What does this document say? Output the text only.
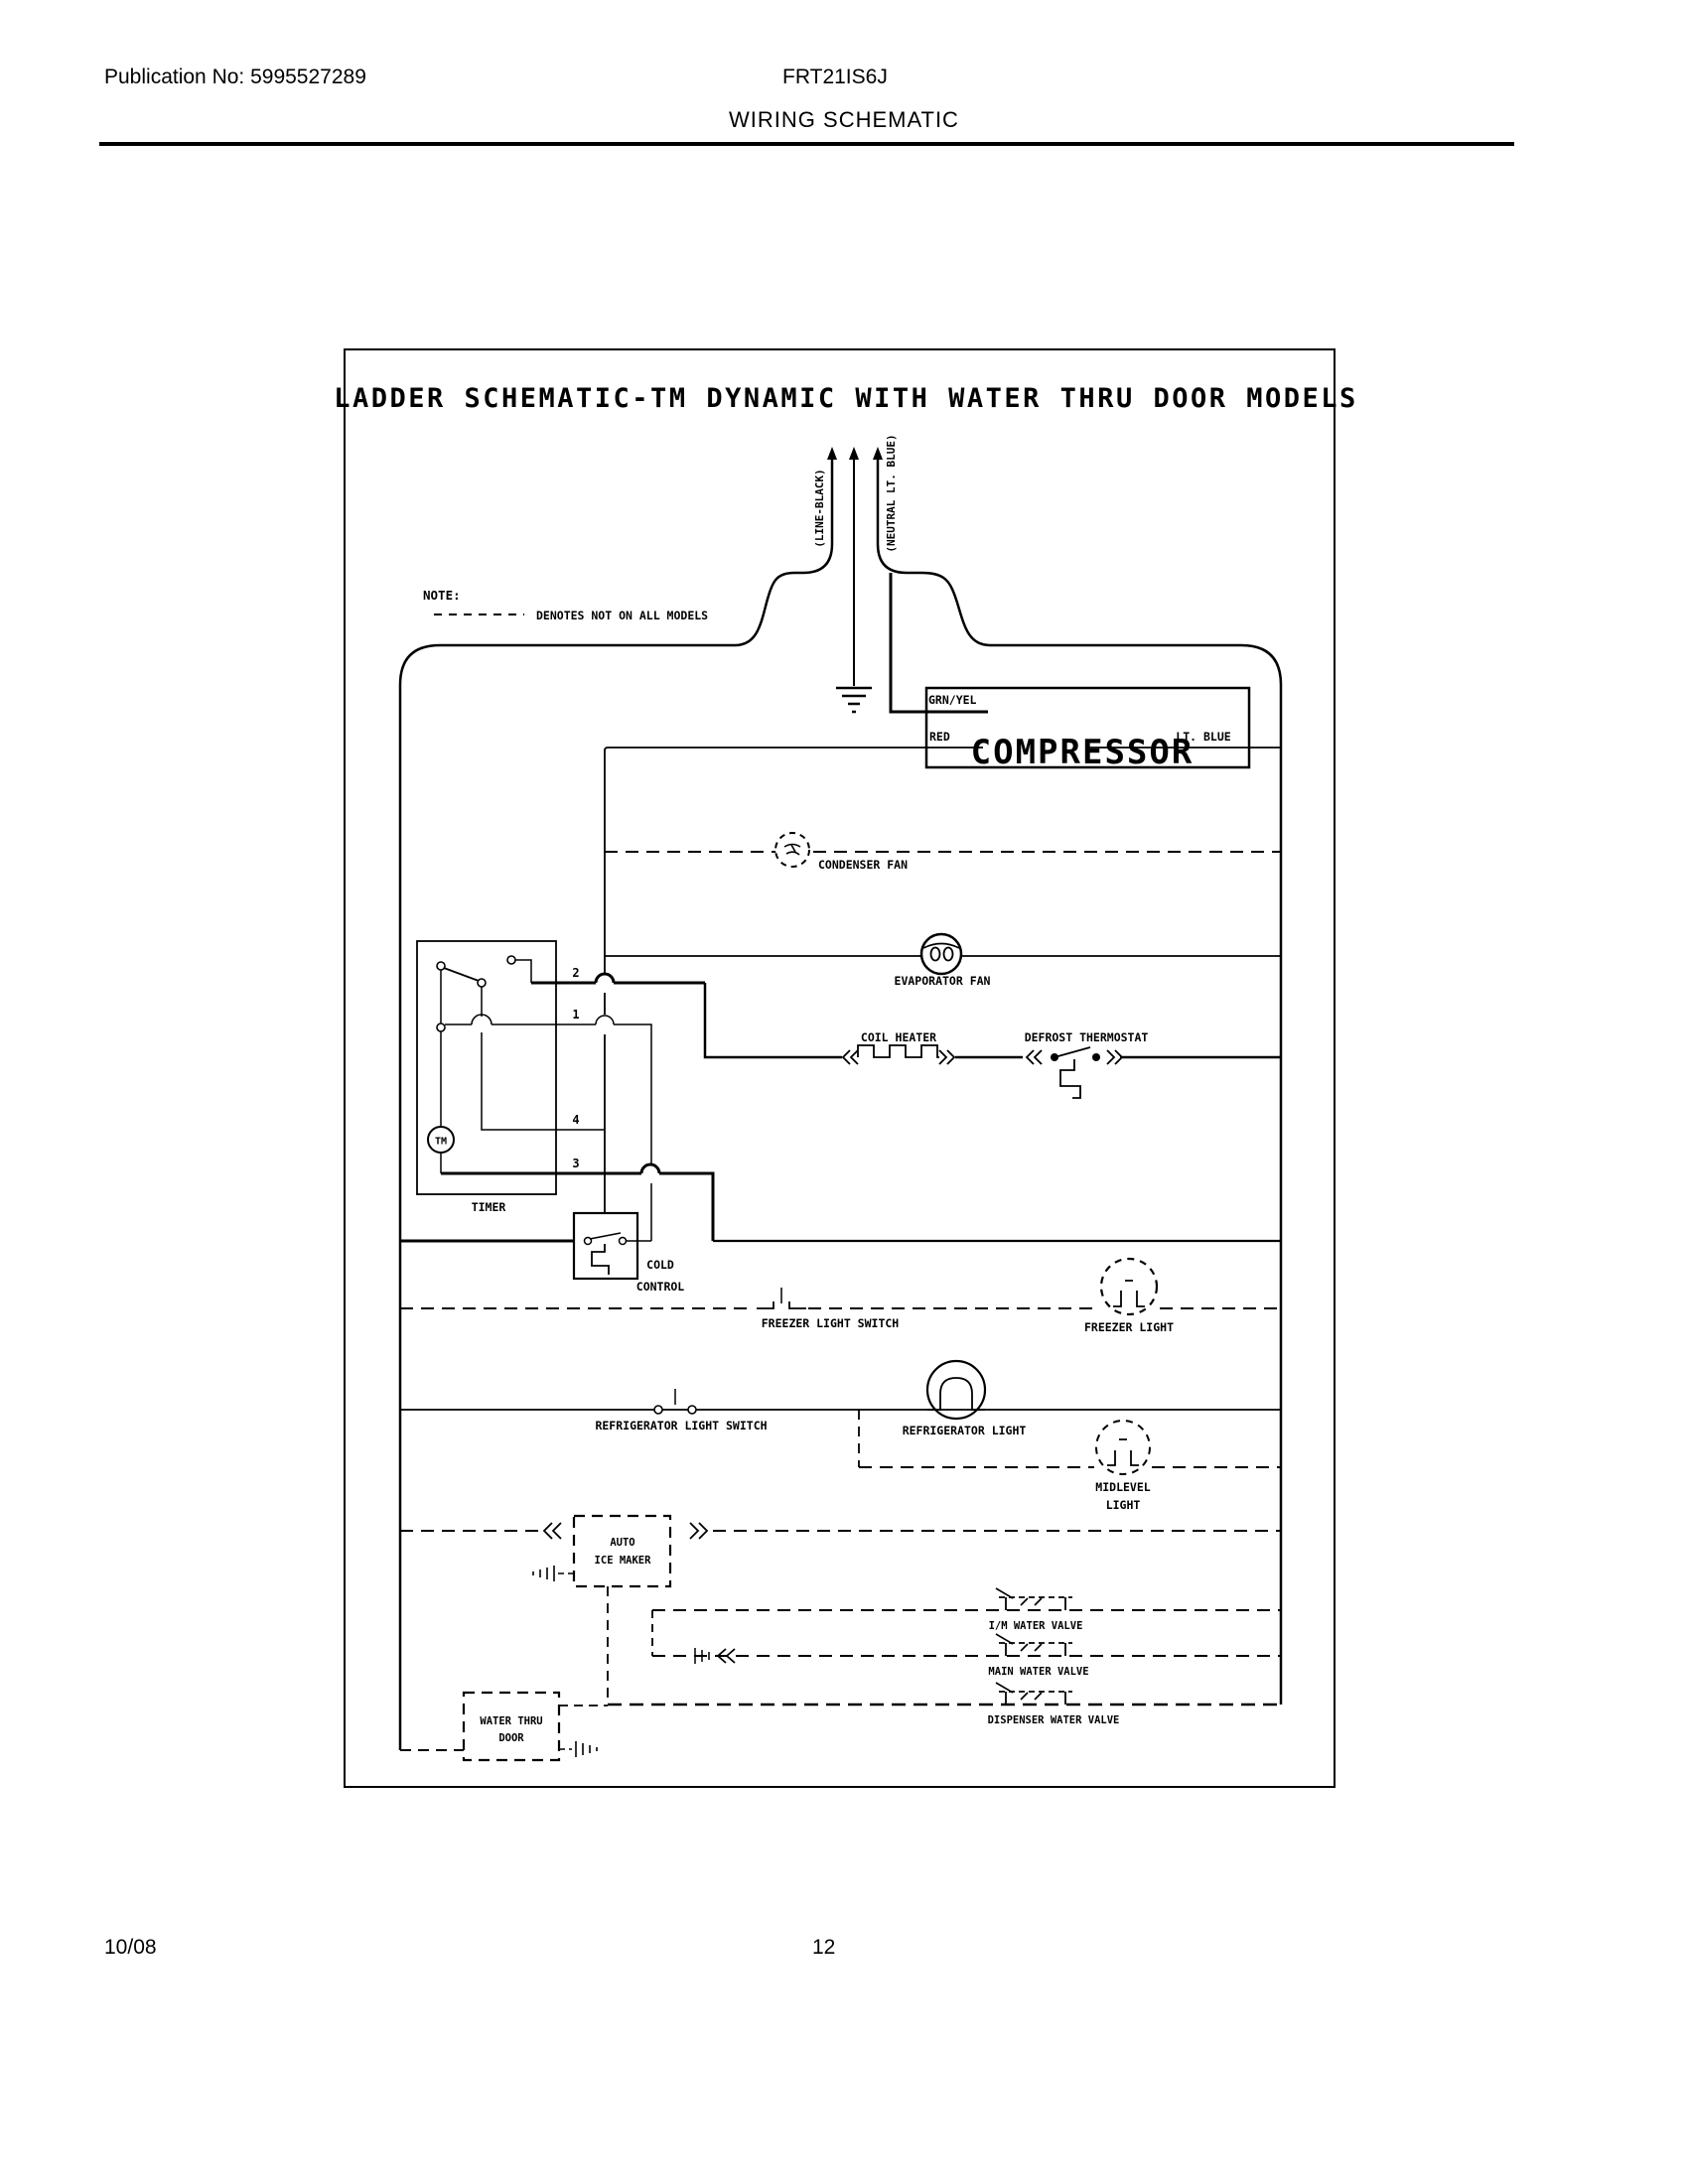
Publication No: 5995527289	FRT21IS6J
WIRING SCHEMATIC
LADDER SCHEMATIC-TM DYNAMIC WITH WATER THRU DOOR MODELS
NOTE:
DENOTES NOT ON ALL MODELS
(LINE-BLACK)	(NEUTRAL LT. BLUE)
GRN/YEL
RED	LT. BLUE
COMPRESSOR
CONDENSER FAN
EVAPORATOR FAN
COIL HEATER	DEFROST THERMOSTAT
2
1
4
TM
3
TIMER
COLD
CONTROL
FREEZER LIGHT SWITCH	FREEZER LIGHT
REFRIGERATOR LIGHT SWITCH	REFRIGERATOR LIGHT
MIDLEVEL
LIGHT
AUTO
ICE MAKER
I/M WATER VALVE
MAIN WATER VALVE
DISPENSER WATER VALVE
WATER THRU
DOOR
10/08	12
